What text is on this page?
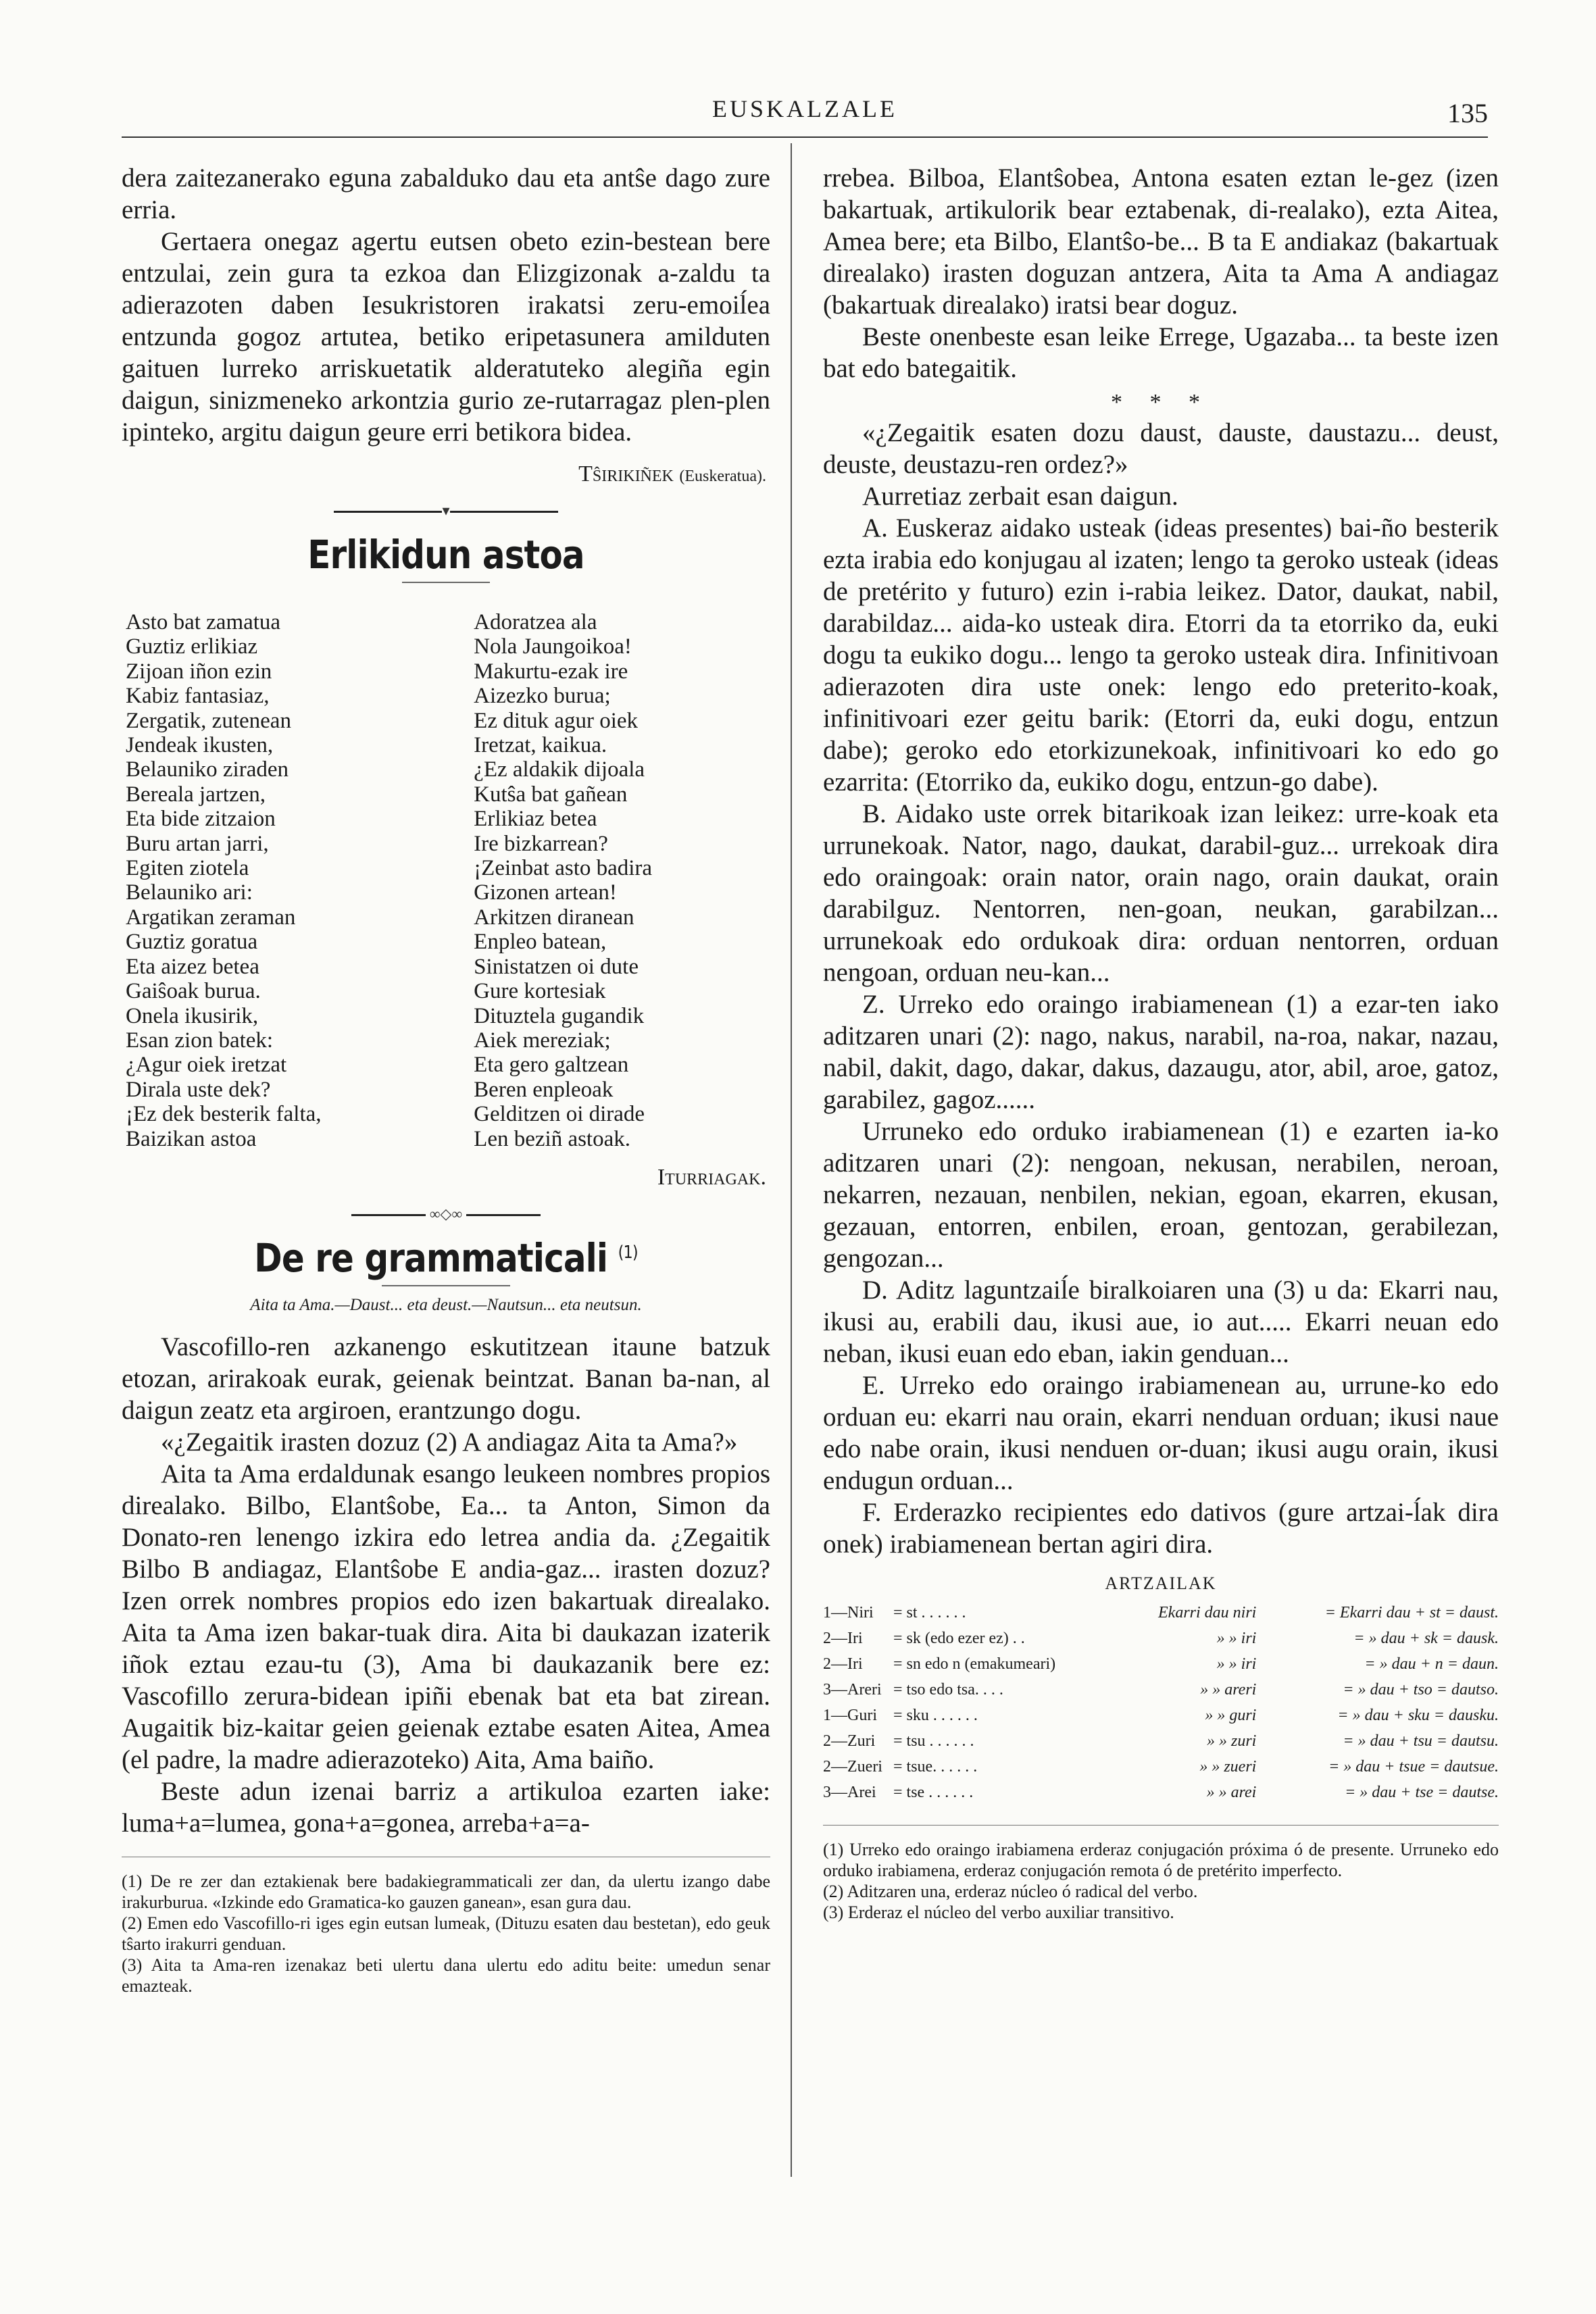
EUSKALZALE	135

dera zaitezanerako eguna zabalduko dau eta antŝe dago zure erria.

Gertaera onegaz agertu eutsen obeto ezin-bestean bere entzulai, zein gura ta ezkoa dan Elizgizonak a-zaldu ta adierazoten daben Iesukristoren irakatsi zeru-emoiĺea entzunda gogoz artutea, betiko eripetasunera amilduten gaituen lurreko arriskuetatik alderatuteko alegiña egin daigun, sinizmeneko arkontzia gurio ze-rutarragaz plen-plen ipinteko, argitu daigun geure erri betikora bidea.

Tŝirikiñek (Euskeratua).
▾
Erlikidun astoa
Asto bat zamatua
Guztiz erlikiaz
Zijoan iñon ezin
Kabiz fantasiaz,
Zergatik, zutenean
Jendeak ikusten,
Belauniko ziraden
Bereala jartzen,
Eta bide zitzaion
Buru artan jarri,
Egiten ziotela
Belauniko ari:
Argatikan zeraman
Guztiz goratua
Eta aizez betea
Gaiŝoak burua.
Onela ikusirik,
Esan zion batek:
¿Agur oiek iretzat
Dirala uste dek?
¡Ez dek besterik falta,
Baizikan astoa
Adoratzea ala
Nola Jaungoikoa!
Makurtu-ezak ire
Aizezko burua;
Ez dituk agur oiek
Iretzat, kaikua.
¿Ez aldakik dijoala
Kutŝa bat gañean
Erlikiaz betea
Ire bizkarrean?
¡Zeinbat asto badira
Gizonen artean!
Arkitzen diranean
Enpleo batean,
Sinistatzen oi dute
Gure kortesiak
Dituztela gugandik
Aiek mereziak;
Eta gero galtzean
Beren enpleoak
Gelditzen oi dirade
Len beziñ astoak.
Iturriagak.
∞◇∞
De re grammaticali $^{(1)}$
Aita ta Ama.—Daust... eta deust.—Nautsun... eta neutsun.

Vascofillo-ren azkanengo eskutitzean itaune batzuk etozan, arirakoak eurak, geienak beintzat. Banan ba-nan, al daigun zeatz eta argiroen, erantzungo dogu.

«¿Zegaitik irasten dozuz (2) A andiagaz Aita ta Ama?»

Aita ta Ama erdaldunak esango leukeen nombres propios direalako. Bilbo, Elantŝobe, Ea... ta Anton, Simon da Donato-ren lenengo izkira edo letrea andia da. ¿Zegaitik Bilbo B andiagaz, Elantŝobe E andia-gaz... irasten dozuz? Izen orrek nombres propios edo izen bakartuak direalako. Aita ta Ama izen bakar-tuak dira. Aita bi daukazan izaterik iñok eztau ezau-tu (3), Ama bi daukazanik bere ez: Vascofillo zerura-bidean ipiñi ebenak bat eta bat zirean. Augaitik biz-kaitar geien geienak eztabe esaten Aitea, Amea (el padre, la madre adierazoteko) Aita, Ama baiño.

Beste adun izenai barriz a artikuloa ezarten iake: luma+a=lumea, gona+a=gonea, arreba+a=a-

(1) De re zer dan eztakienak bere badakiegrammaticali zer dan, da ulertu izango dabe irakurburua. «Izkinde edo Gramatica-ko gauzen ganean», esan gura dau.

(2) Emen edo Vascofillo-ri iges egin eutsan lumeak, (Dituzu esaten dau bestetan), edo geuk tŝarto irakurri genduan.

(3) Aita ta Ama-ren izenakaz beti ulertu dana ulertu edo aditu beite: umedun senar emazteak.

rrebea. Bilboa, Elantŝobea, Antona esaten eztan le-gez (izen bakartuak, artikulorik bear eztabenak, di-realako), ezta Aitea, Amea bere; eta Bilbo, Elantŝo-be... B ta E andiakaz (bakartuak direalako) irasten doguzan antzera, Aita ta Ama A andiagaz (bakartuak direalako) iratsi bear doguz.

Beste onenbeste esan leike Errege, Ugazaba... ta beste izen bat edo bategaitik.

* * *

«¿Zegaitik esaten dozu daust, dauste, daustazu... deust, deuste, deustazu-ren ordez?»

Aurretiaz zerbait esan daigun.

A. Euskeraz aidako usteak (ideas presentes) bai-ño besterik ezta irabia edo konjugau al izaten; lengo ta geroko usteak (ideas de pretérito y futuro) ezin i-rabia leikez. Dator, daukat, nabil, darabildaz... aida-ko usteak dira. Etorri da ta etorriko da, euki dogu ta eukiko dogu... lengo ta geroko usteak dira. Infinitivoan adierazoten dira uste onek: lengo edo preterito-koak, infinitivoari ezer geitu barik: (Etorri da, euki dogu, entzun dabe); geroko edo etorkizunekoak, infinitivoari ko edo go ezarrita: (Etorriko da, eukiko dogu, entzun-go dabe).

B. Aidako uste orrek bitarikoak izan leikez: urre-koak eta urrunekoak. Nator, nago, daukat, darabil-guz... urrekoak dira edo oraingoak: orain nator, orain nago, orain daukat, orain darabilguz. Nentorren, nen-goan, neukan, garabilzan... urrunekoak edo ordukoak dira: orduan nentorren, orduan nengoan, orduan neu-kan...

Z. Urreko edo oraingo irabiamenean (1) a ezar-ten iako aditzaren unari (2): nago, nakus, narabil, na-roa, nakar, nazau, nabil, dakit, dago, dakar, dakus, dazaugu, ator, abil, aroe, gatoz, garabilez, gagoz......

Urruneko edo orduko irabiamenean (1) e ezarten ia-ko aditzaren unari (2): nengoan, nekusan, nerabilen, neroan, nekarren, nezauan, nenbilen, nekian, egoan, ekarren, ekusan, gezauan, entorren, enbilen, eroan, gentozan, gerabilezan, gengozan...

D. Aditz laguntzaiĺe biralkoiaren una (3) u da: Ekarri nau, ikusi au, erabili dau, ikusi aue, io aut..... Ekarri neuan edo neban, ikusi euan edo eban, iakin genduan...

E. Urreko edo oraingo irabiamenean au, urrune-ko edo orduan eu: ekarri nau orain, ekarri nenduan orduan; ikusi naue edo nabe orain, ikusi nenduen or-duan; ikusi augu orain, ikusi endugun orduan...

F. Erderazko recipientes edo dativos (gure artzai-ĺak dira onek) irabiamenean bertan agiri dira.

ARTZAILAK
1—Niri	= st . . . . . .	Ekarri dau niri	= Ekarri dau + st = daust.
2—Iri	= sk (edo ezer ez) . .	» » iri	= » dau + sk = dausk.
2—Iri	= sn edo n (emakumeari)	» » iri	= » dau + n = daun.
3—Areri	= tso edo tsa. . . .	» » areri	= » dau + tso = dautso.
1—Guri	= sku . . . . . .	» » guri	= » dau + sku = dausku.
2—Zuri	= tsu . . . . . .	» » zuri	= » dau + tsu = dautsu.
2—Zueri	= tsue. . . . . .	» » zueri	= » dau + tsue = dautsue.
3—Arei	= tse . . . . . .	» » arei	= » dau + tse = dautse.

(1) Urreko edo oraingo irabiamena erderaz conjugación próxima ó de presente. Urruneko edo orduko irabiamena, erderaz conjugación remota ó de pretérito imperfecto.

(2) Aditzaren una, erderaz núcleo ó radical del verbo.

(3) Erderaz el núcleo del verbo auxiliar transitivo.
